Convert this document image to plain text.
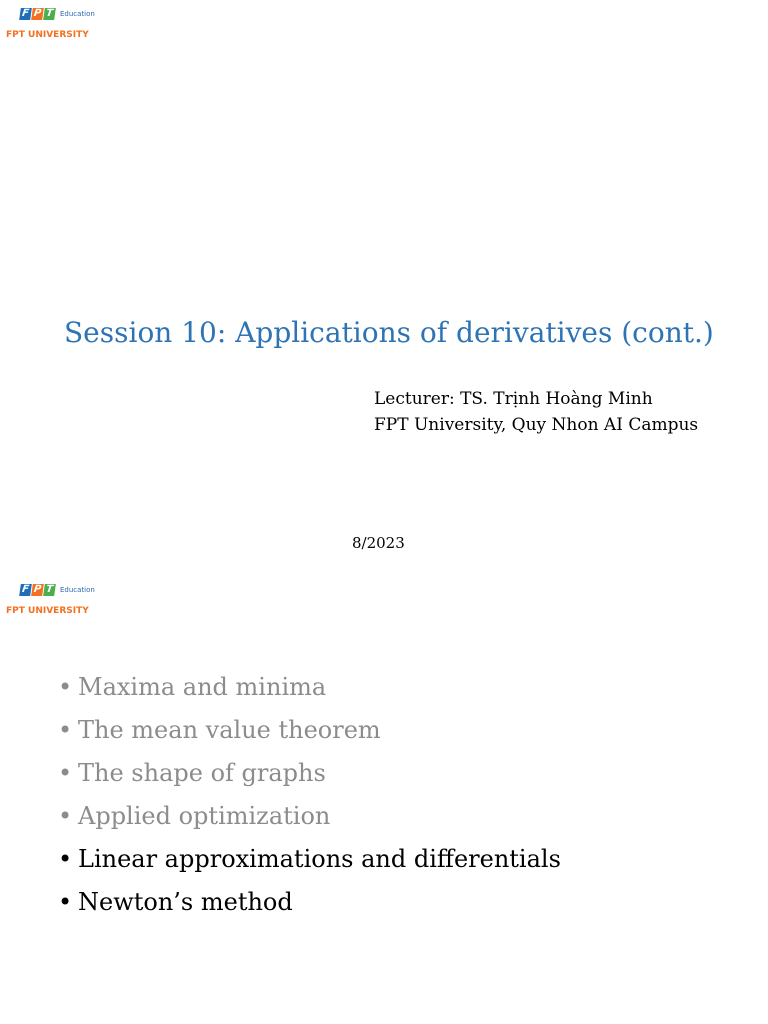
F P T Education
FPT UNIVERSITY
Session 10: Applications of derivatives (cont.)
Lecturer: TS. Trịnh Hoàng Minh
FPT University, Quy Nhon AI Campus
8/2023
F P T Education
FPT UNIVERSITY
• Maxima and minima
• The mean value theorem
• The shape of graphs
• Applied optimization
• Linear approximations and differentials
• Newton’s method
